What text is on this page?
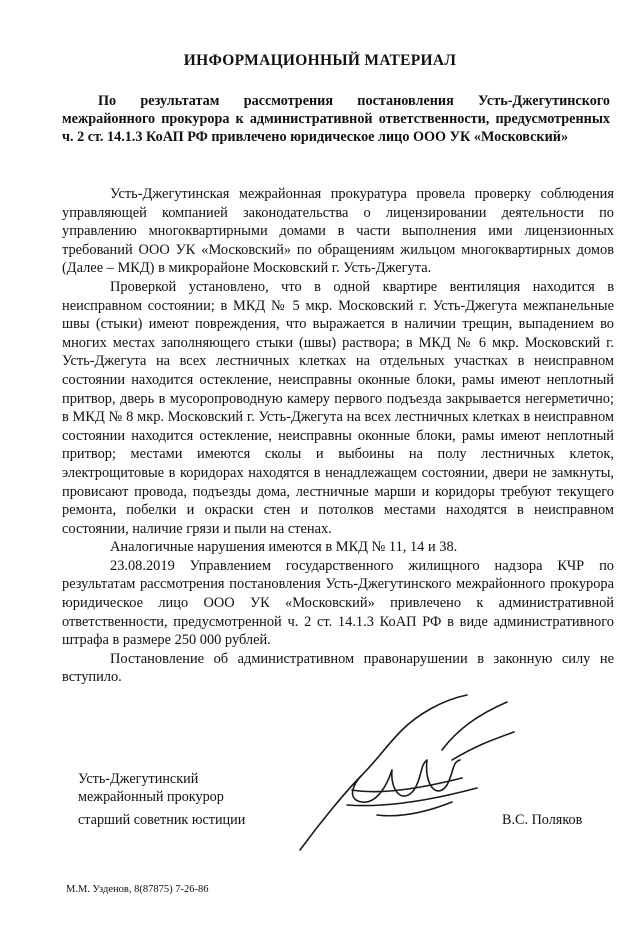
ИНФОРМАЦИОННЫЙ МАТЕРИАЛ
По результатам рассмотрения постановления Усть-Джегутинского межрайонного прокурора к административной ответственности, предусмотренных ч. 2 ст. 14.1.3 КоАП РФ привлечено юридическое лицо ООО УК «Московский»

Усть-Джегутинская межрайонная прокуратура провела проверку соблюдения управляющей компанией законодательства о лицензировании деятельности по управлению многоквартирными домами в части выполнения ими лицензионных требований ООО УК «Московский» по обращениям жильцом многоквартирных домов (Далее – МКД) в микрорайоне Московский г. Усть-Джегута.

Проверкой установлено, что в одной квартире вентиляция находится в неисправном состоянии; в МКД № 5 мкр. Московский г. Усть-Джегута межпанельные швы (стыки) имеют повреждения, что выражается в наличии трещин, выпадением во многих местах заполняющего стыки (швы) раствора; в МКД № 6 мкр. Московский г. Усть-Джегута на всех лестничных клетках на отдельных участках в неисправном состоянии находится остекление, неисправны оконные блоки, рамы имеют неплотный притвор, дверь в мусоропроводную камеру первого подъезда закрывается негерметично; в МКД № 8 мкр. Московский г. Усть-Джегута на всех лестничных клетках в неисправном состоянии находится остекление, неисправны оконные блоки, рамы имеют неплотный притвор; местами имеются сколы и выбоины на полу лестничных клеток, электрощитовые в коридорах находятся в ненадлежащем состоянии, двери не замкнуты, провисают провода, подъезды дома, лестничные марши и коридоры требуют текущего ремонта, побелки и окраски стен и потолков местами находятся в неисправном состоянии, наличие грязи и пыли на стенах.

Аналогичные нарушения имеются в МКД № 11, 14 и 38.

23.08.2019 Управлением государственного жилищного надзора КЧР по результатам рассмотрения постановления Усть-Джегутинского межрайонного прокурора юридическое лицо ООО УК «Московский» привлечено к административной ответственности, предусмотренной ч. 2 ст. 14.1.3 КоАП РФ в виде административного штрафа в размере 250 000 рублей.

Постановление об административном правонарушении в законную силу не вступило.

Усть-Джегутинский
межрайонный прокурор
старший советник юстиции	В.С. Поляков
М.М. Узденов, 8(87875) 7-26-86
